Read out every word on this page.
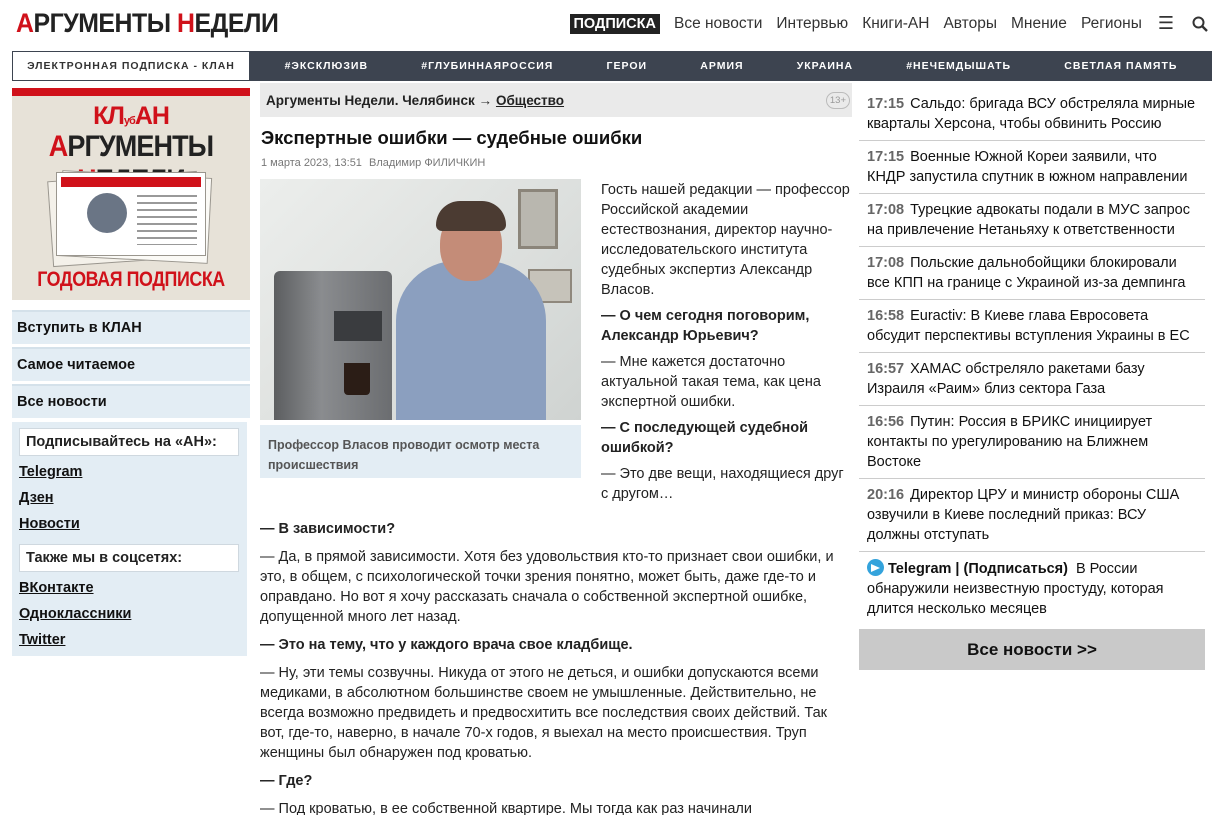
АРГУМЕНТЫ НЕДЕЛИ	ПОДПИСКА Все новости Интервью Книги-АН Авторы Мнение Регионы ☰
ЭЛЕКТРОННАЯ ПОДПИСКА - КЛАН	#ЭКСКЛЮЗИВ	#ГЛУБИННАЯРОССИЯ	ГЕРОИ	АРМИЯ	УКРАИНА	#НЕЧЕМДЫШАТЬ	СВЕТЛАЯ ПАМЯТЬ
КЛубАН
АРГУМЕНТЫ
ГОДОВАЯ ПОДПИСКА
Вступить в КЛАН
Самое читаемое
Все новости
Подписывайтесь на «АН»:
Telegram
Дзен
Новости
Также мы в соцсетях:
ВКонтакте
Одноклассники
Twitter
Аргументы Недели. Челябинск → Общество	13+
Экспертные ошибки — судебные ошибки
1 марта 2023, 13:51 Владимир ФИЛИЧКИН
Профессор Власов проводит осмотр места происшествия

Гость нашей редакции — профессор Российской академии естествознания, директор научно-исследовательского института судебных экспертиз Александр Власов.

— О чем сегодня поговорим, Александр Юрьевич?

— Мне кажется достаточно актуальной такая тема, как цена экспертной ошибки.

— С последующей судебной ошибкой?

— Это две вещи, находящиеся друг с другом…

— В зависимости?

— Да, в прямой зависимости. Хотя без удовольствия кто-то признает свои ошибки, и это, в общем, с психологической точки зрения понятно, может быть, даже где-то и оправдано. Но вот я хочу рассказать сначала о собственной экспертной ошибке, допущенной много лет назад.

— Это на тему, что у каждого врача свое кладбище.

— Ну, эти темы созвучны. Никуда от этого не деться, и ошибки допускаются всеми медиками, в абсолютном большинстве своем не умышленные. Действительно, не всегда возможно предвидеть и предвосхитить все последствия своих действий. Так вот, где-то, наверно, в начале 70-х годов, я выехал на место происшествия. Труп женщины был обнаружен под кроватью.

— Где?

— Под кроватью, в ее собственной квартире. Мы тогда как раз начинали

17:15 Сальдо: бригада ВСУ обстреляла мирные кварталы Херсона, чтобы обвинить Россию
17:15 Военные Южной Кореи заявили, что КНДР запустила спутник в южном направлении
17:08 Турецкие адвокаты подали в МУС запрос на привлечение Нетаньяху к ответственности
17:08 Польские дальнобойщики блокировали все КПП на границе с Украиной из-за демпинга
16:58 Euractiv: В Киеве глава Евросовета обсудит перспективы вступления Украины в ЕС
16:57 ХАМАС обстреляло ракетами базу Израиля «Раим» близ сектора Газа
16:56 Путин: Россия в БРИКС инициирует контакты по урегулированию на Ближнем Востоке
20:16 Директор ЦРУ и министр обороны США озвучили в Киеве последний приказ: ВСУ должны отступать
Telegram | (Подписаться) В России обнаружили неизвестную простуду, которая длится несколько месяцев
Все новости >>
